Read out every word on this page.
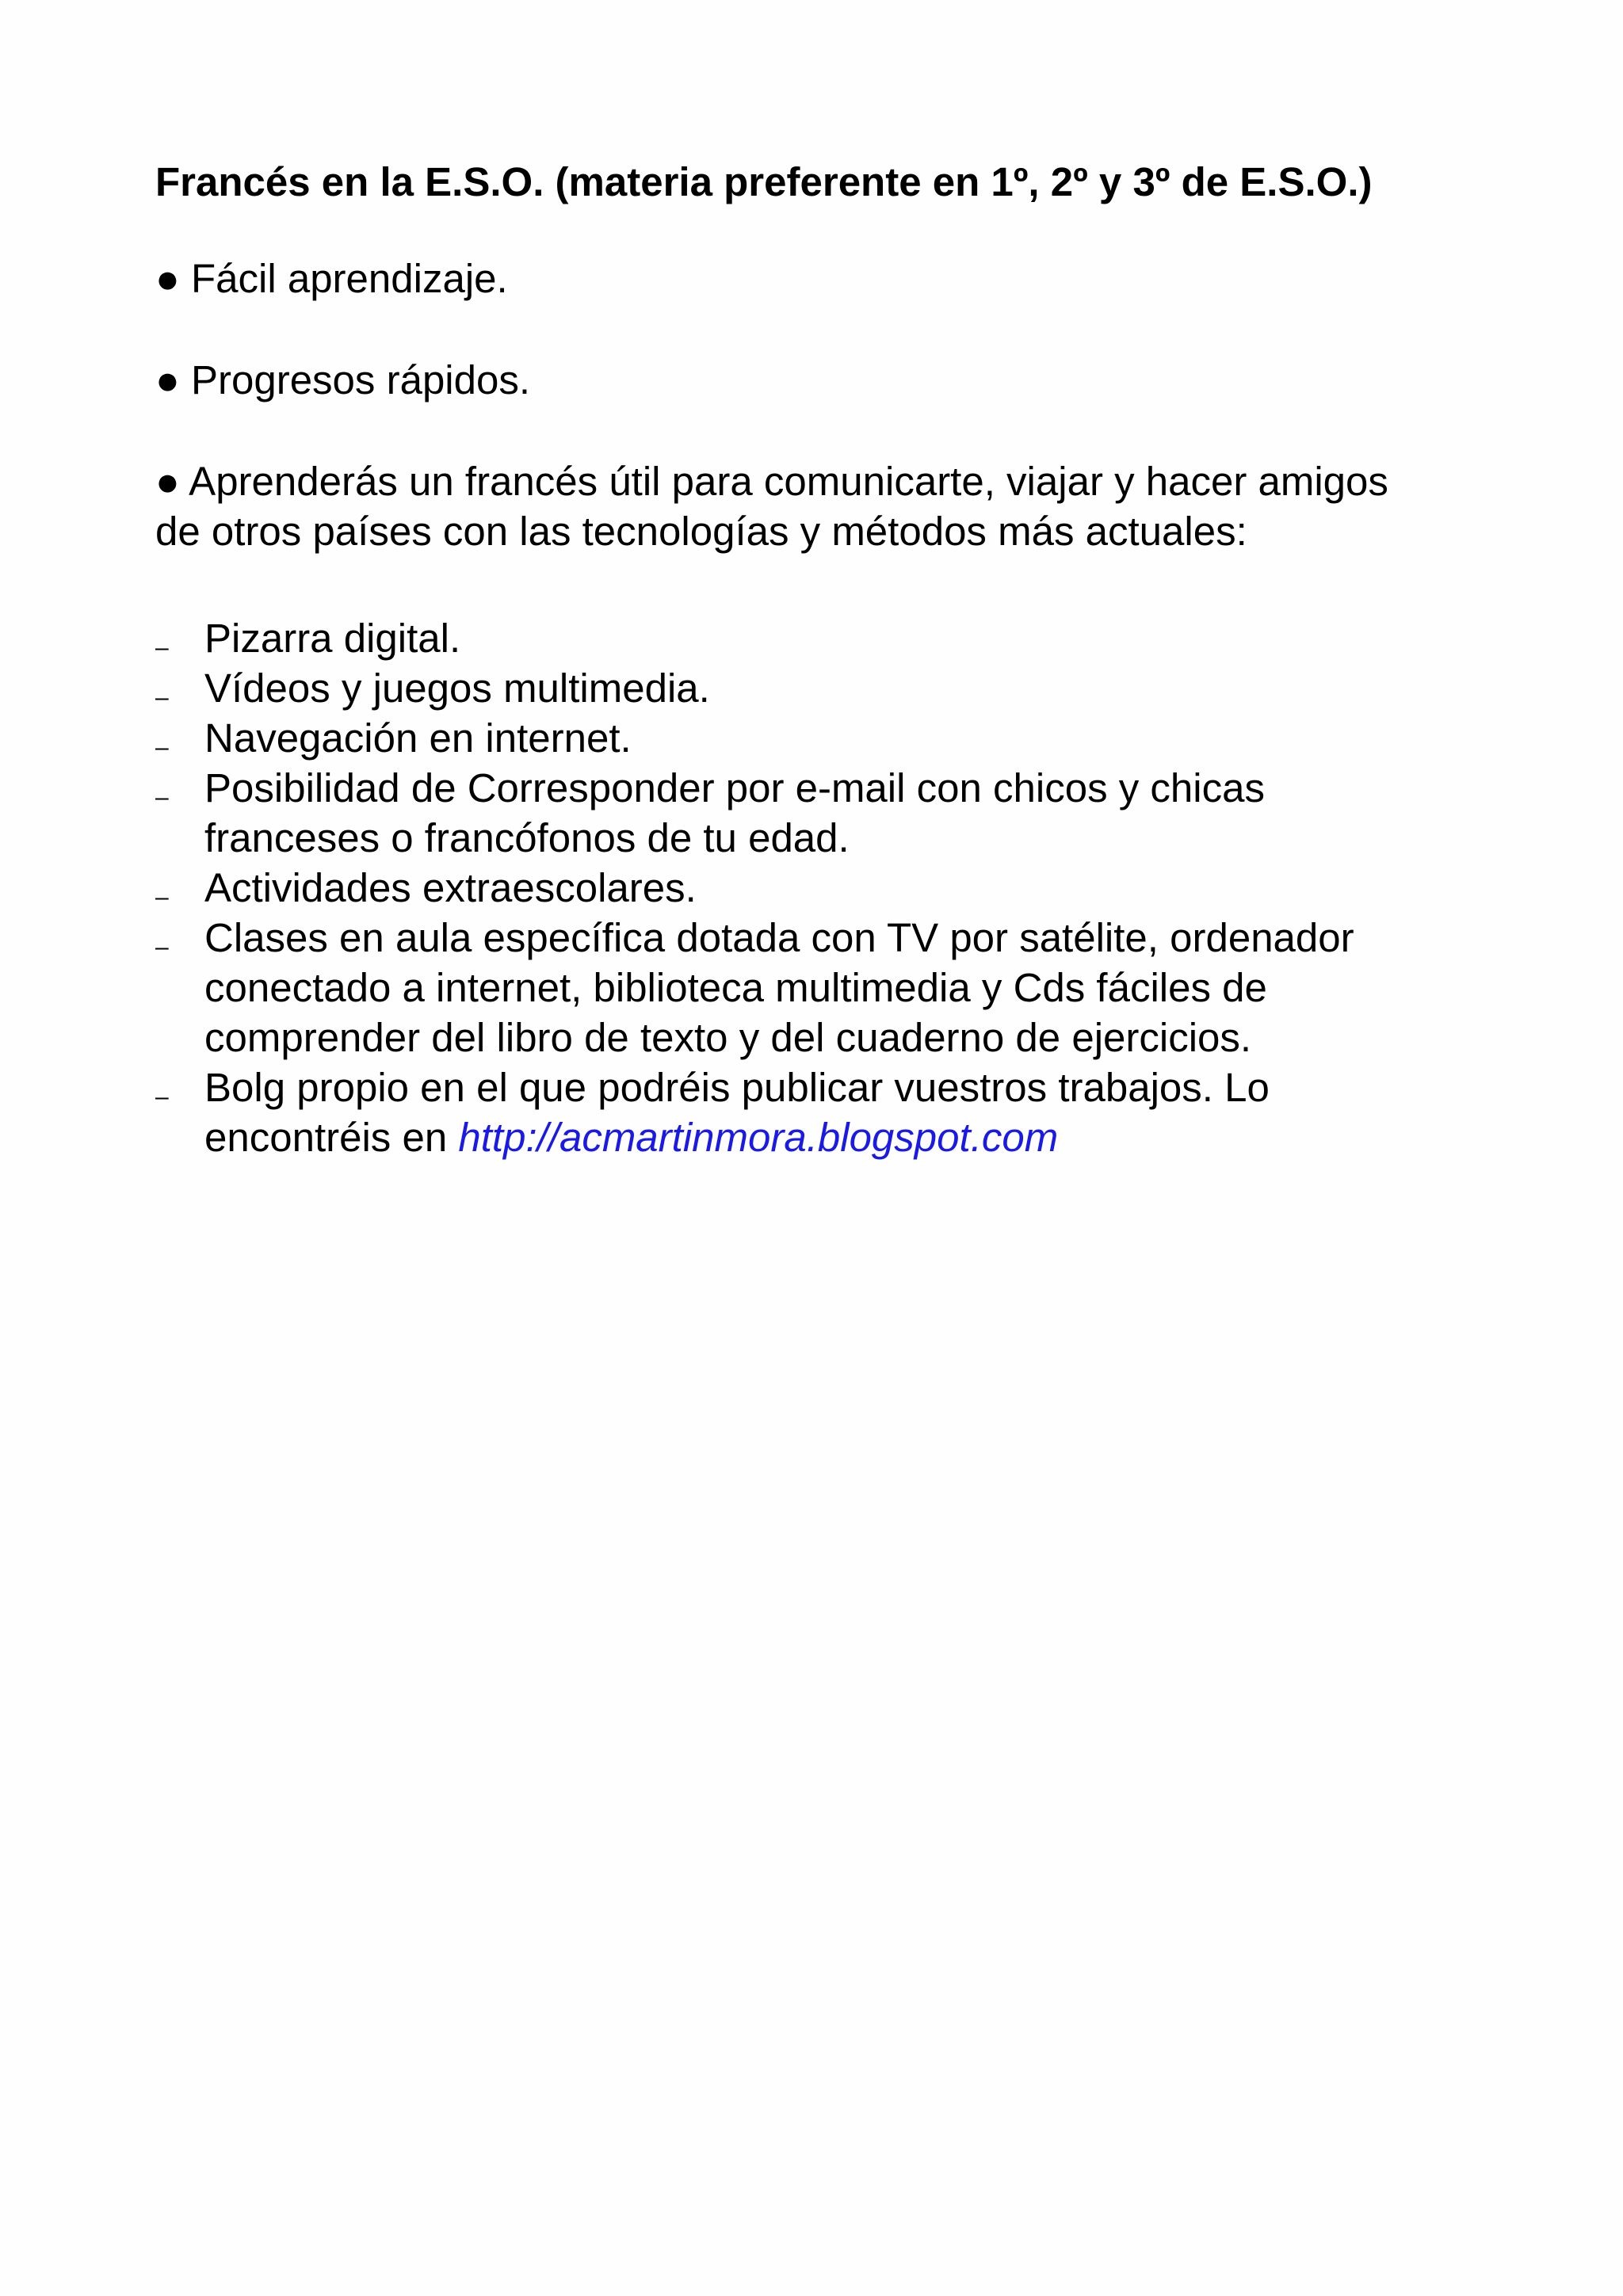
Francés en la E.S.O. (materia preferente en 1º, 2º y 3º de E.S.O.)
● Fácil aprendizaje.
● Progresos rápidos.
● Aprenderás un francés útil para comunicarte, viajar y hacer amigos
de otros países con las tecnologías y métodos más actuales:
– Pizarra digital.
– Vídeos y juegos multimedia.
– Navegación en internet.
– Posibilidad de Corresponder por e-mail con chicos y chicas
franceses o francófonos de tu edad.
– Actividades extraescolares.
– Clases en aula específica dotada con TV por satélite, ordenador
conectado a internet, biblioteca multimedia y Cds fáciles de
comprender del libro de texto y del cuaderno de ejercicios.
– Bolg propio en el que podréis publicar vuestros trabajos. Lo
encontréis en http://acmartinmora.blogspot.com
